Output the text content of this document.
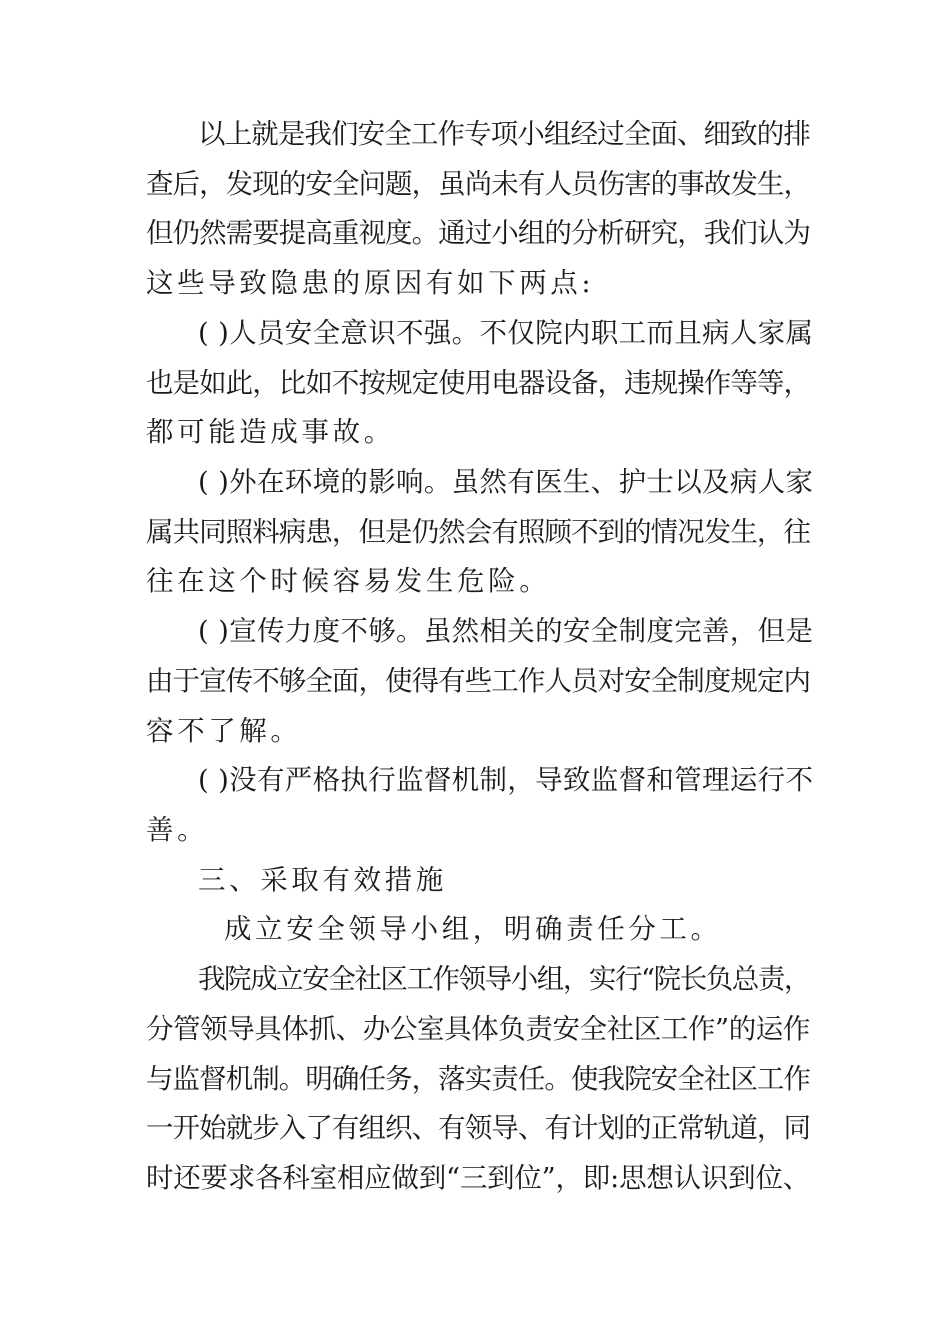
以上就是我们安全工作专项小组经过全面、细致的排
查后，发现的安全问题，虽尚未有人员伤害的事故发生，
但仍然需要提高重视度。通过小组的分析研究，我们认为
这些导致隐患的原因有如下两点:
( )人员安全意识不强。不仅院内职工而且病人家属
也是如此，比如不按规定使用电器设备，违规操作等等，
都可能造成事故。
( )外在环境的影响。虽然有医生、护士以及病人家
属共同照料病患，但是仍然会有照顾不到的情况发生，往
往在这个时候容易发生危险。
( )宣传力度不够。虽然相关的安全制度完善，但是
由于宣传不够全面，使得有些工作人员对安全制度规定内
容不了解。
( )没有严格执行监督机制，导致监督和管理运行不
善。
三、采取有效措施
成立安全领导小组，明确责任分工。
我院成立安全社区工作领导小组，实行“院长负总责，
分管领导具体抓、办公室具体负责安全社区工作”的运作
与监督机制。明确任务，落实责任。使我院安全社区工作
一开始就步入了有组织、有领导、有计划的正常轨道，同
时还要求各科室相应做到“三到位”，即:思想认识到位、
